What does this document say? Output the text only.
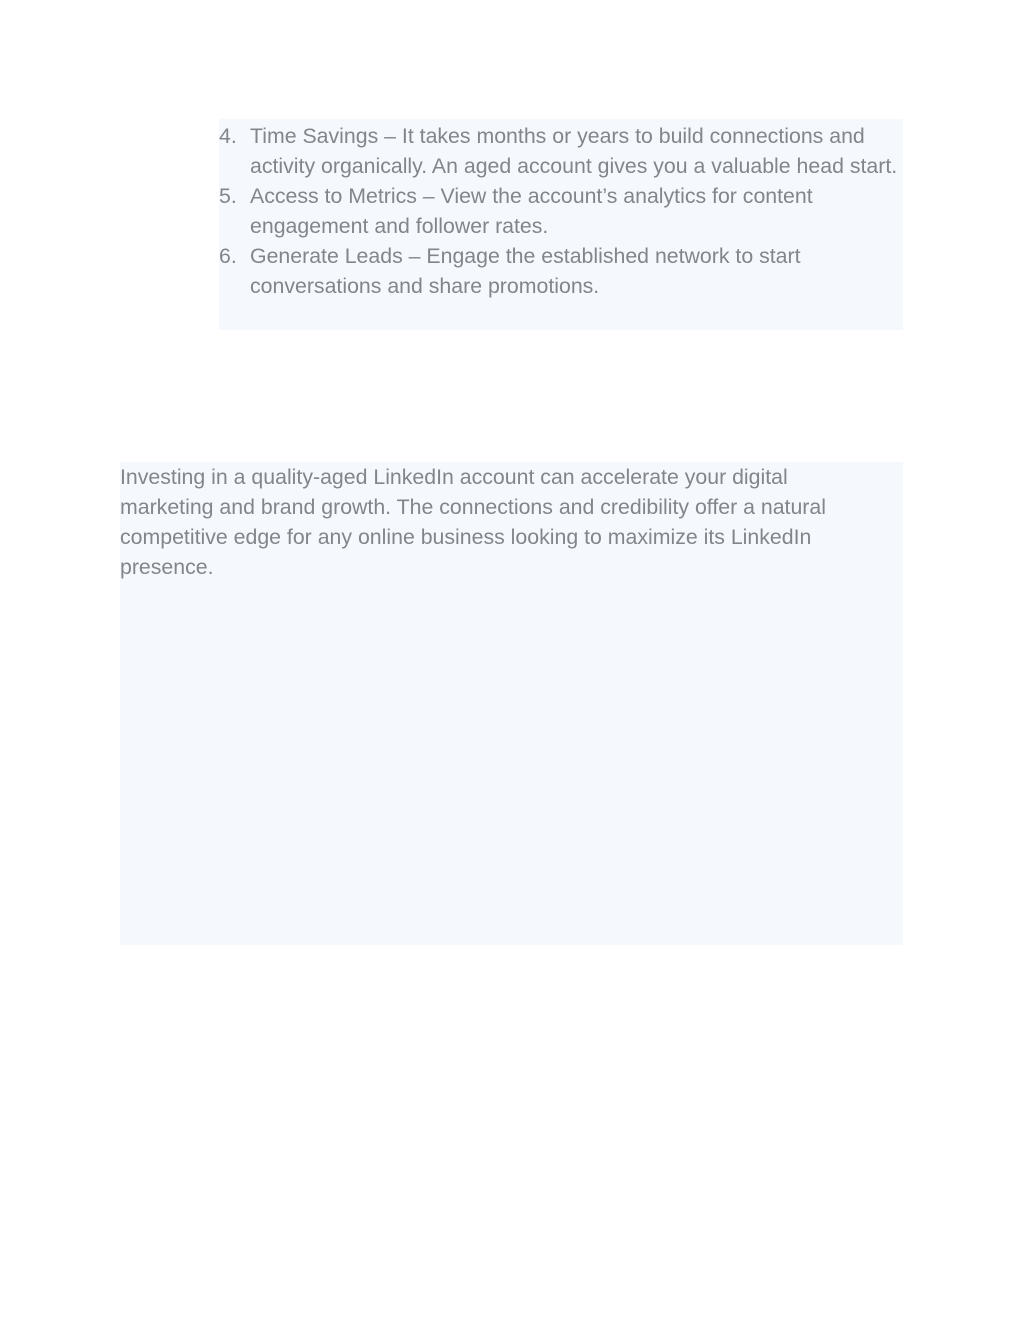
4. Time Savings – It takes months or years to build connections and activity organically. An aged account gives you a valuable head start.
5. Access to Metrics – View the account’s analytics for content engagement and follower rates.
6. Generate Leads – Engage the established network to start conversations and share promotions.

Investing in a quality-aged LinkedIn account can accelerate your digital marketing and brand growth. The connections and credibility offer a natural competitive edge for any online business looking to maximize its LinkedIn presence.
